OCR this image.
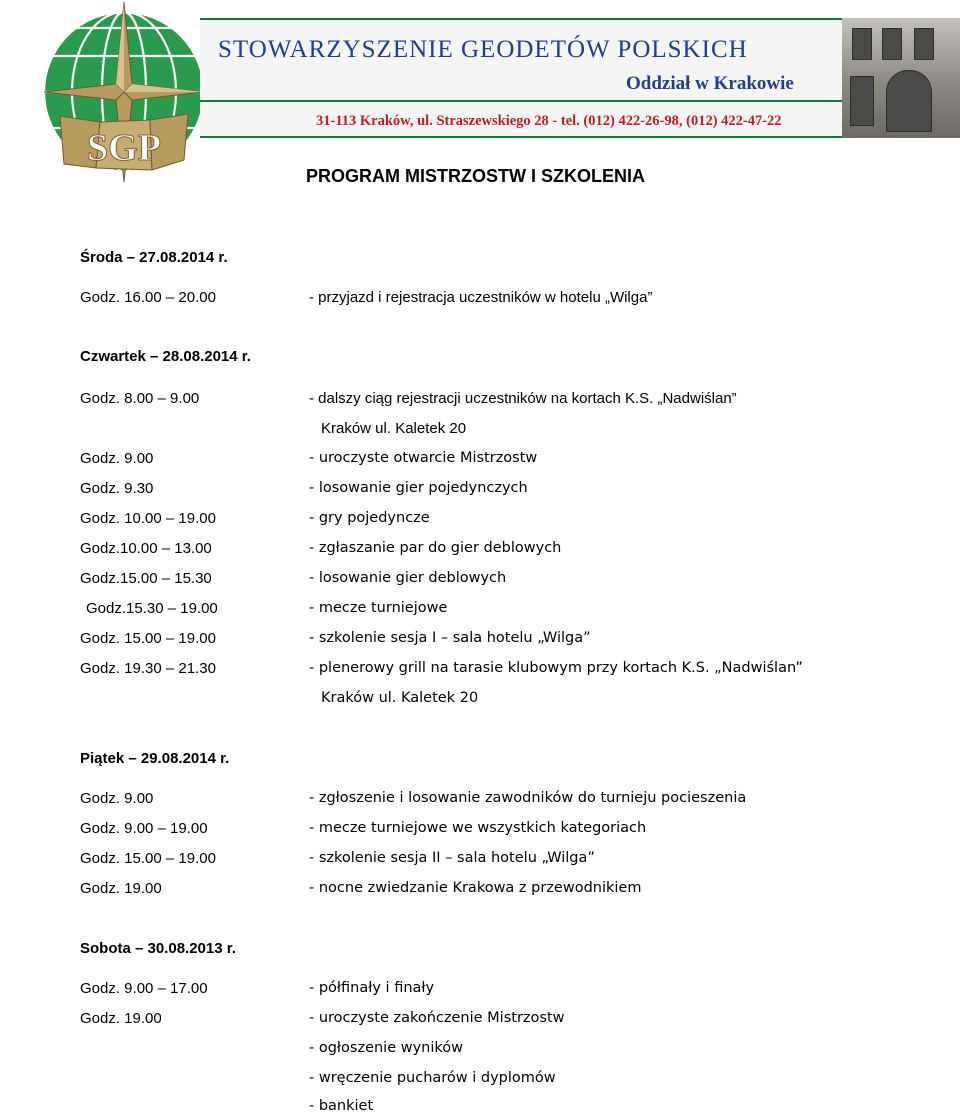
SGP
STOWARZYSZENIE GEODETÓW POLSKICH
Oddział w Krakowie
31-113 Kraków, ul. Straszewskiego 28 - tel. (012) 422-26-98, (012) 422-47-22
PROGRAM MISTRZOSTW I SZKOLENIA
Środa – 27.08.2014 r.
Godz. 16.00 – 20.00	- przyjazd i rejestracja uczestników w hotelu „Wilga”
Czwartek – 28.08.2014 r.
Godz. 8.00 – 9.00	- dalszy ciąg rejestracji uczestników na kortach K.S. „Nadwiślan”
Kraków ul. Kaletek 20
Godz. 9.00	- uroczyste otwarcie Mistrzostw
Godz. 9.30	- losowanie gier pojedynczych
Godz. 10.00 – 19.00	- gry pojedyncze
Godz.10.00 – 13.00	- zgłaszanie par do gier deblowych
Godz.15.00 – 15.30	- losowanie gier deblowych
Godz.15.30 – 19.00	- mecze turniejowe
Godz. 15.00 – 19.00	- szkolenie sesja I – sala hotelu „Wilga”
Godz. 19.30 – 21.30	- plenerowy grill na tarasie klubowym przy kortach K.S. „Nadwiślan”
Kraków ul. Kaletek 20
Piątek – 29.08.2014 r.
Godz. 9.00	- zgłoszenie i losowanie zawodników do turnieju pocieszenia
Godz. 9.00 – 19.00	- mecze turniejowe we wszystkich kategoriach
Godz. 15.00 – 19.00	- szkolenie sesja II – sala hotelu „Wilga”
Godz. 19.00	- nocne zwiedzanie Krakowa z przewodnikiem
Sobota – 30.08.2013 r.
Godz. 9.00 – 17.00	- półfinały i finały
Godz. 19.00	- uroczyste zakończenie Mistrzostw
- ogłoszenie wyników
- wręczenie pucharów i dyplomów
- bankiet
